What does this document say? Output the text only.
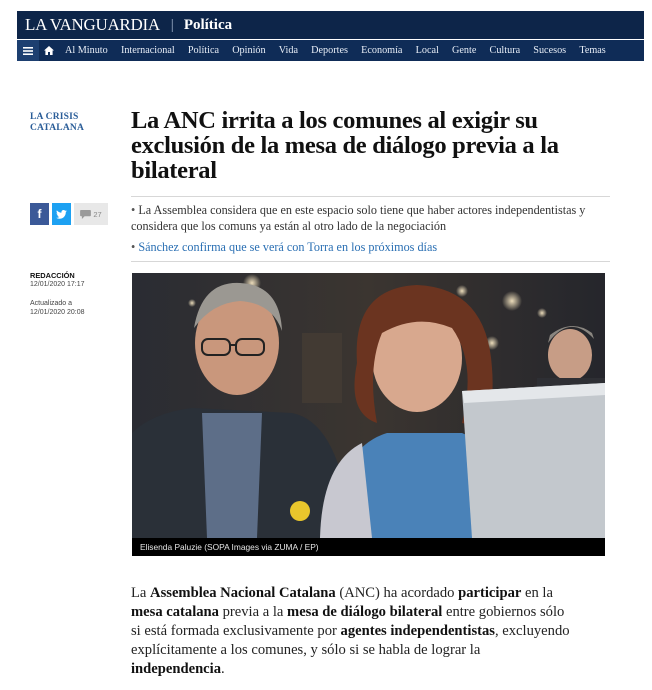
LA VANGUARDIA | Política
Al Minuto Internacional Política Opinión Vida Deportes Economía Local Gente Cultura Sucesos Temas
LA CRISIS
CATALANA	La ANC irrita a los comunes al exigir su exclusión de la mesa de diálogo previa a la bilateral
f	27 • La Assemblea considera que en este espacio solo tiene que haber actores independentistas y considera que los comuns ya están al otro lado de la negociación
• Sánchez confirma que se verá con Torra en los próximos días
REDACCIÓN
12/01/2020 17:17
Actualizado a
12/01/2020 20:08
Elisenda Paluzie (SOPA Images via ZUMA / EP)

La Assemblea Nacional Catalana (ANC) ha acordado participar en la mesa catalana previa a la mesa de diálogo bilateral entre gobiernos sólo si está formada exclusivamente por agentes independentistas, excluyendo explícitamente a los comunes, y sólo si se habla de lograr la independencia.
